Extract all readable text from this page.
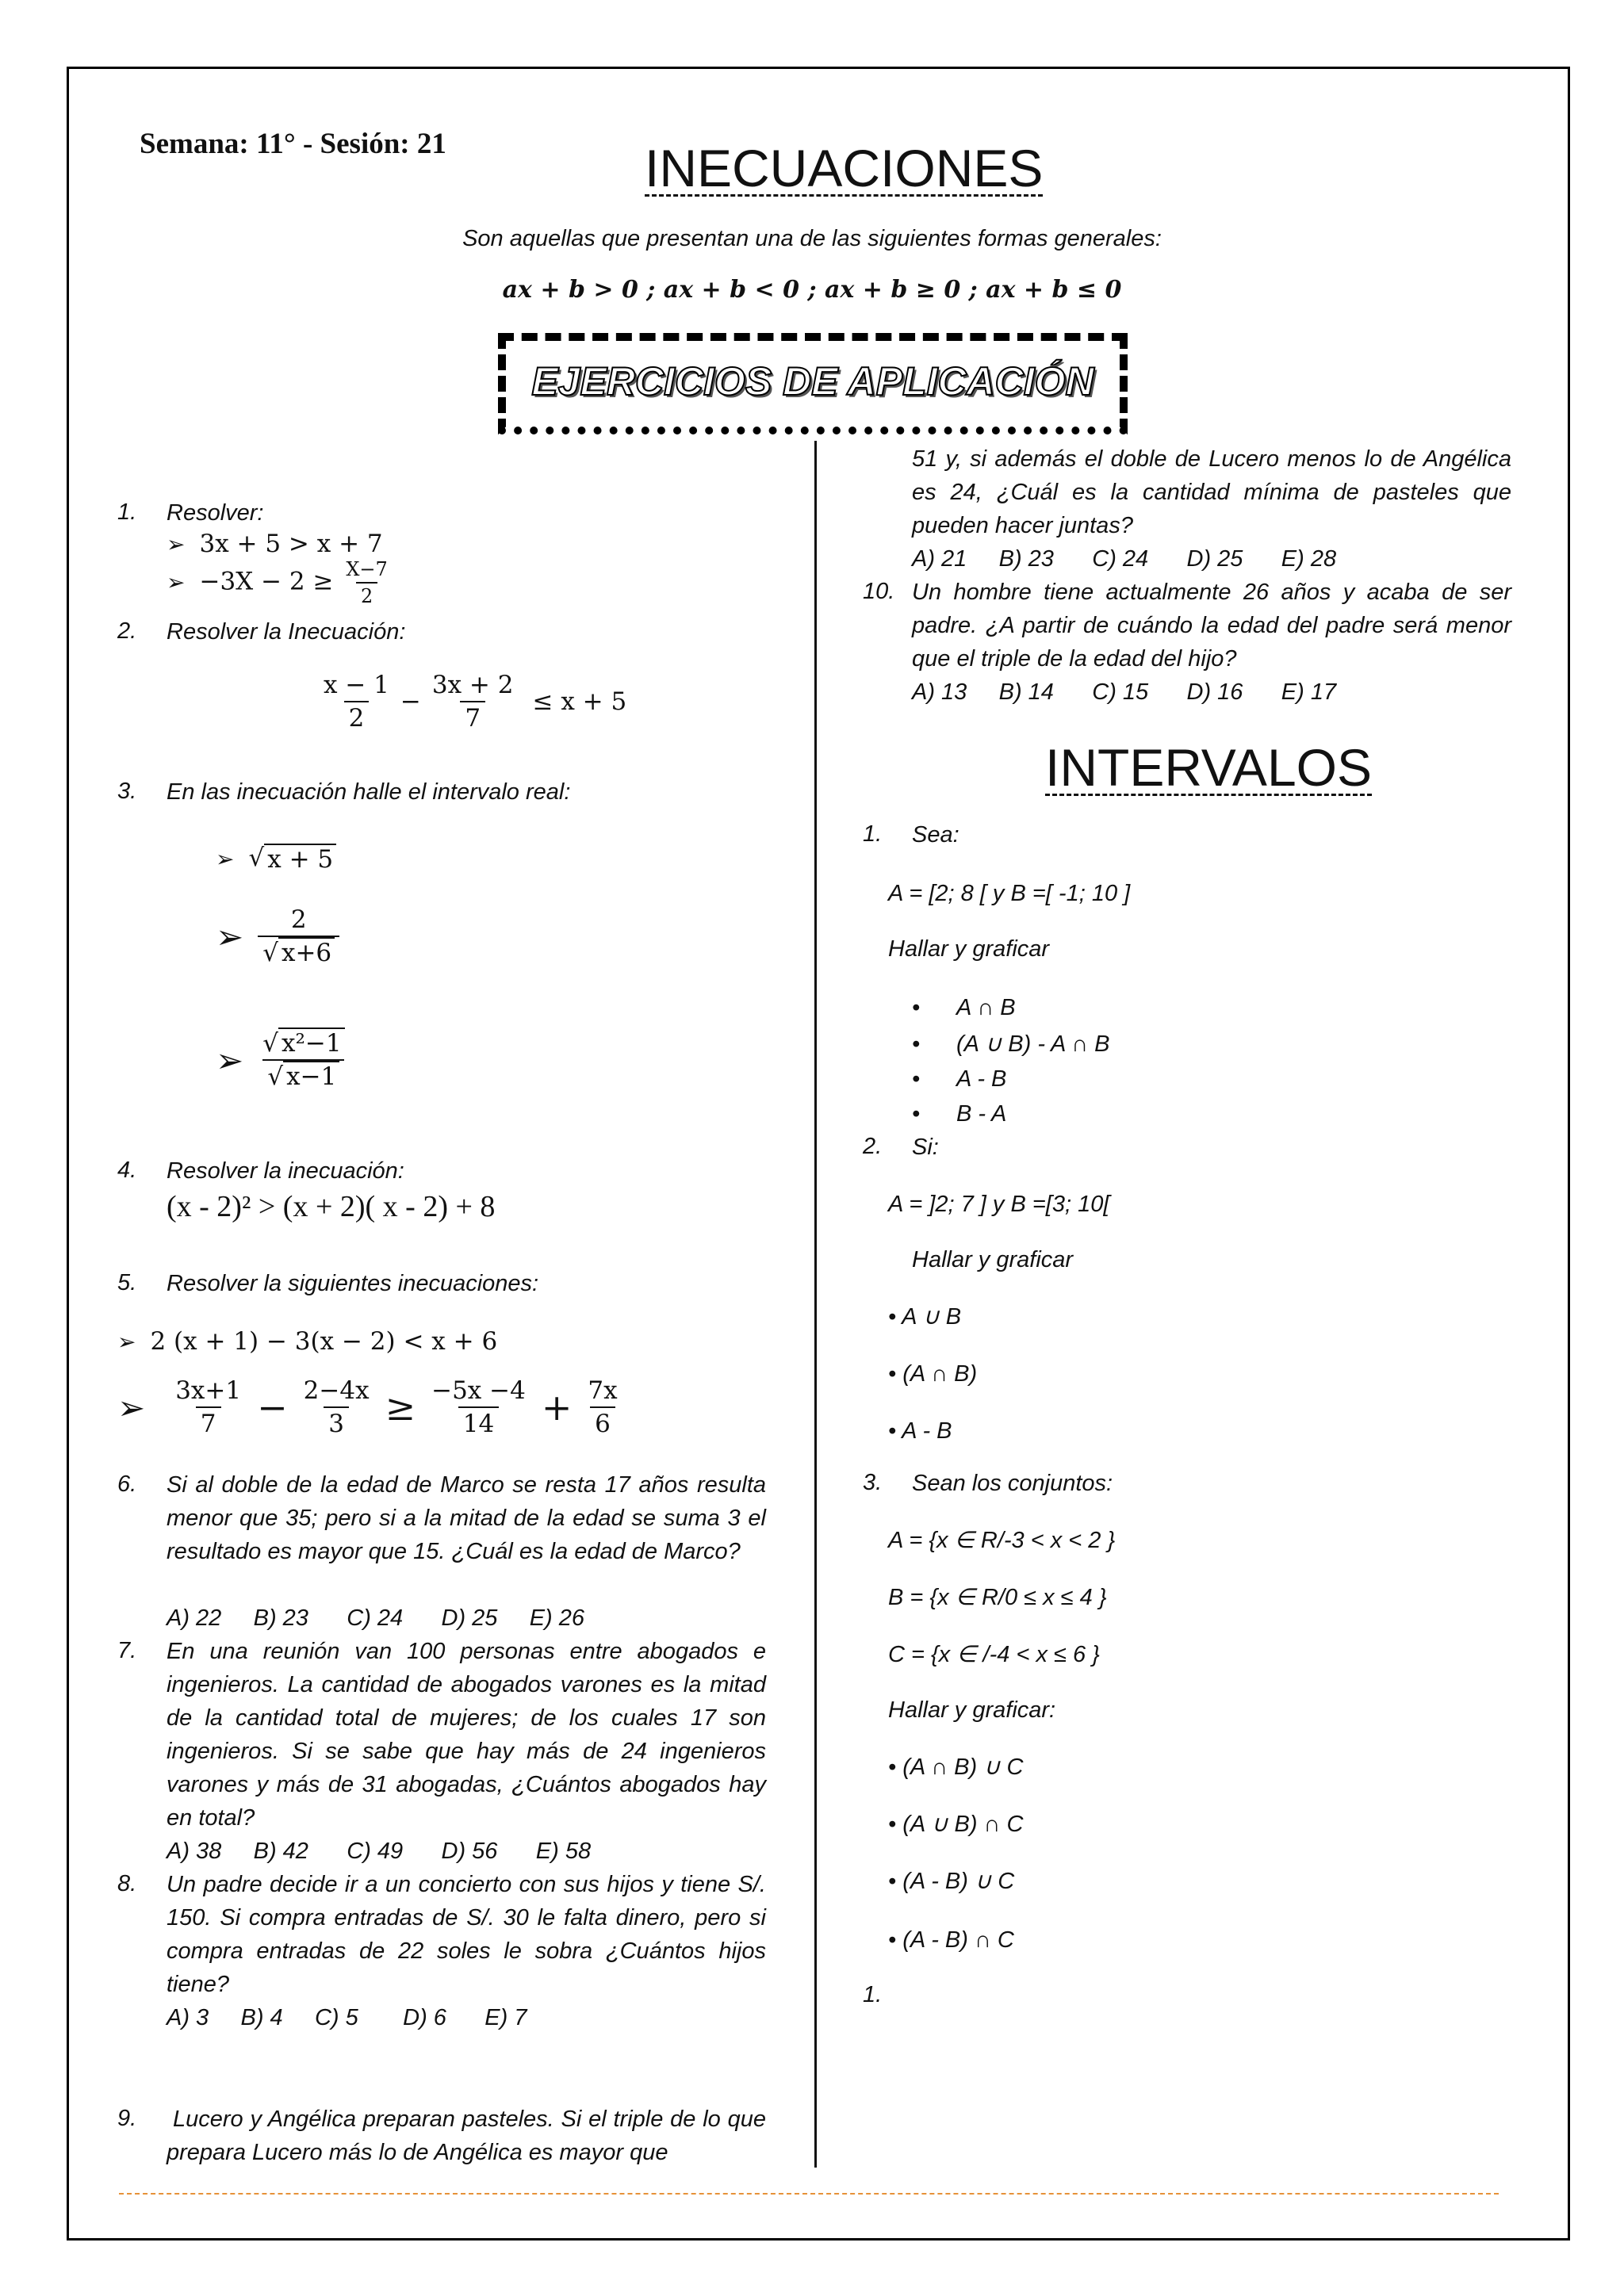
Semana: 11° - Sesión: 21	INECUACIONES
Son aquellas que presentan una de las siguientes formas generales:
ax + b > 0 ; ax + b < 0 ; ax + b ≥ 0 ; ax + b ≤ 0
EJERCICIOS DE APLICACIÓN
1. Resolver:
➢ 3x + 5 > x + 7
➢ $-3X - 2 \ge \frac{X-7}{2}$
2. Resolver la Inecuación:
$\frac{x - 1}{2} - \frac{3x + 2}{7} \le x + 5$
3. En las inecuación halle el intervalo real:
➢ √ x + 5
➢ $\frac{2}{√ x+6}$
➢ $\frac{\text{√ x²−1}}{√ x-1}$
4. Resolver la inecuación:
(x - 2)² > (x + 2)( x - 2) + 8
5. Resolver la siguientes inecuaciones:
➢ 2 (x + 1) − 3(x − 2) < x + 6
➢ $\frac{3x+1}{7} - \frac{2-4x}{3} \ge \frac{-5x -4}{14} + \frac{7x}{6}$
6. Si al doble de la edad de Marco se resta 17 años resulta menor que 35; pero si a la mitad de la edad se suma 3 el resultado es mayor que 15. ¿Cuál es la edad de Marco?
A) 22     B) 23      C) 24      D) 25     E) 26
7. En una reunión van 100 personas entre abogados e ingenieros. La cantidad de abogados varones es la mitad de la cantidad total de mujeres; de los cuales 17 son ingenieros. Si se sabe que hay más de 24 ingenieros varones y más de 31 abogadas, ¿Cuántos abogados hay en total?
A) 38     B) 42      C) 49      D) 56      E) 58
8. Un padre decide ir a un concierto con sus hijos y tiene S/. 150. Si compra entradas de S/. 30 le falta dinero, pero si compra entradas de 22 soles le sobra ¿Cuántos hijos tiene?
A) 3     B) 4     C) 5       D) 6      E) 7
9. Lucero y Angélica preparan pasteles. Si el triple de lo que prepara Lucero más lo de Angélica es mayor que
51 y, si además el doble de Lucero menos lo de Angélica es 24, ¿Cuál es la cantidad mínima de pasteles que pueden hacer juntas?
A) 21     B) 23      C) 24      D) 25      E) 28
10. Un hombre tiene actualmente 26 años y acaba de ser padre. ¿A partir de cuándo la edad del padre será menor que el triple de la edad del hijo?
A) 13     B) 14      C) 15      D) 16      E) 17
INTERVALOS
1. Sea:
A = [2; 8 [ y B =[ -1; 10 ]
Hallar y graficar
• A ∩ B
• (A ∪ B) - A ∩ B
• A - B
• B - A
2. Si:
A = ]2; 7 ] y B =[3; 10[
Hallar y graficar
• A ∪ B
• (A ∩ B)
• A - B
3. Sean los conjuntos:
A = {x ∈ R/-3 < x < 2 }
B = {x ∈ R/0 ≤ x ≤ 4 }
C = {x ∈ /-4 < x ≤ 6 }
Hallar y graficar:
• (A ∩ B) ∪ C
• (A ∪ B) ∩ C
• (A - B) ∪ C
• (A - B) ∩ C
1.
